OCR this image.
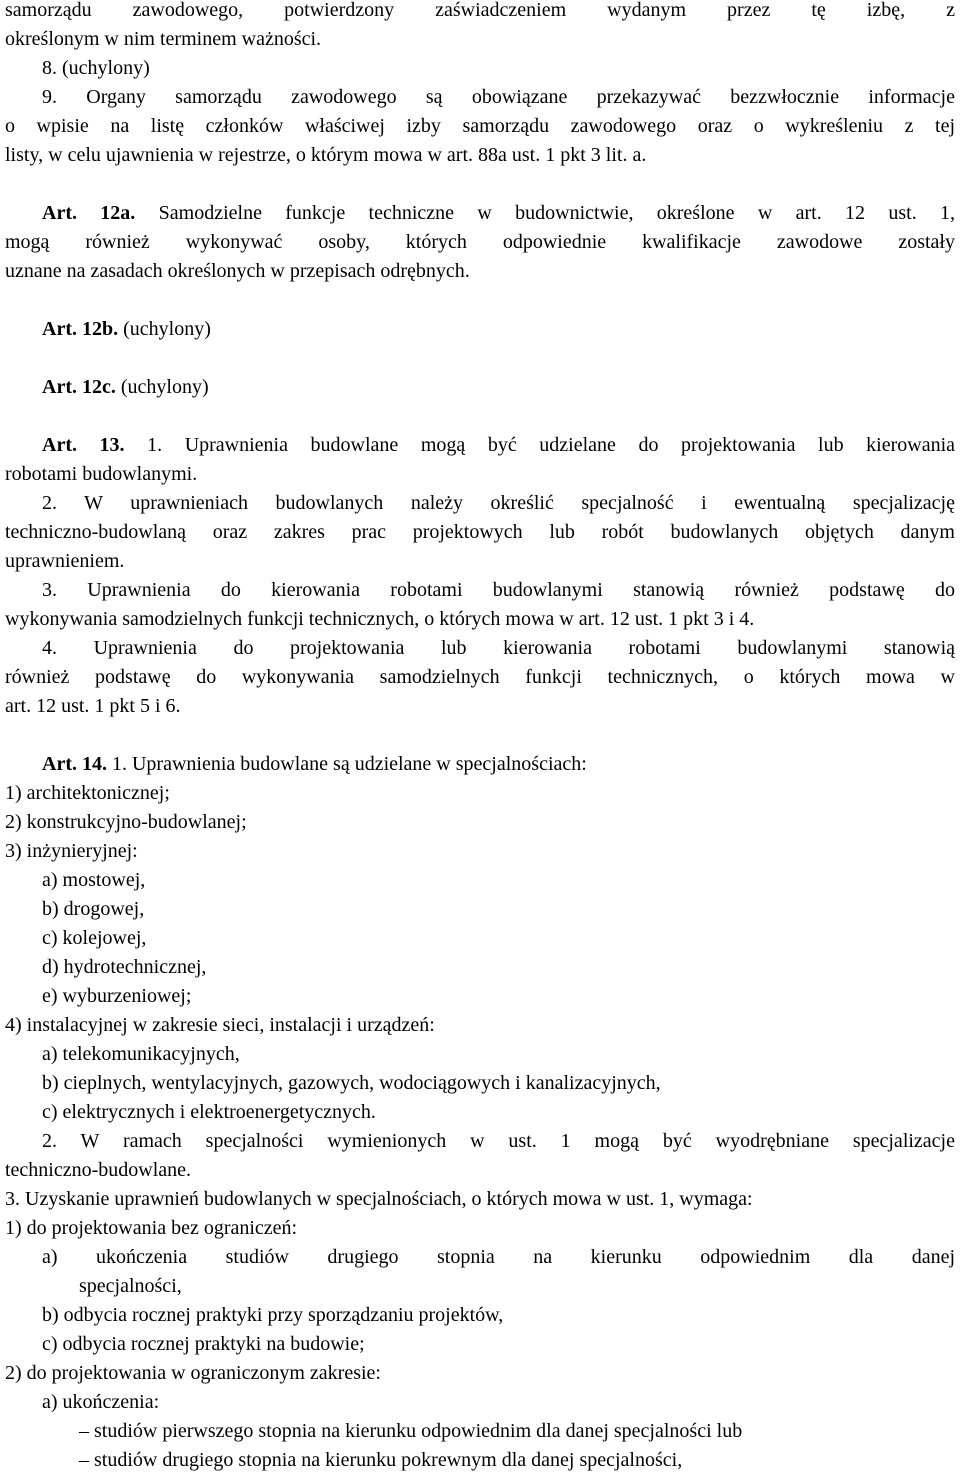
samorządu zawodowego, potwierdzony zaświadczeniem wydanym przez tę izbę, z
określonym w nim terminem ważności.
8. (uchylony)
9. Organy samorządu zawodowego są obowiązane przekazywać bezzwłocznie informacje
o wpisie na listę członków właściwej izby samorządu zawodowego oraz o wykreśleniu z tej
listy, w celu ujawnienia w rejestrze, o którym mowa w art. 88a ust. 1 pkt 3 lit. a.
Art. 12a. Samodzielne funkcje techniczne w budownictwie, określone w art. 12 ust. 1,
mogą również wykonywać osoby, których odpowiednie kwalifikacje zawodowe zostały
uznane na zasadach określonych w przepisach odrębnych.
Art. 12b. (uchylony)
Art. 12c. (uchylony)
Art. 13. 1. Uprawnienia budowlane mogą być udzielane do projektowania lub kierowania
robotami budowlanymi.
2. W uprawnieniach budowlanych należy określić specjalność i ewentualną specjalizację
techniczno-budowlaną oraz zakres prac projektowych lub robót budowlanych objętych danym
uprawnieniem.
3. Uprawnienia do kierowania robotami budowlanymi stanowią również podstawę do
wykonywania samodzielnych funkcji technicznych, o których mowa w art. 12 ust. 1 pkt 3 i 4.
4. Uprawnienia do projektowania lub kierowania robotami budowlanymi stanowią
również podstawę do wykonywania samodzielnych funkcji technicznych, o których mowa w
art. 12 ust. 1 pkt 5 i 6.
Art. 14. 1. Uprawnienia budowlane są udzielane w specjalnościach:
1) architektonicznej;
2) konstrukcyjno-budowlanej;
3) inżynieryjnej:
a) mostowej,
b) drogowej,
c) kolejowej,
d) hydrotechnicznej,
e) wyburzeniowej;
4) instalacyjnej w zakresie sieci, instalacji i urządzeń:
a) telekomunikacyjnych,
b) cieplnych, wentylacyjnych, gazowych, wodociągowych i kanalizacyjnych,
c) elektrycznych i elektroenergetycznych.
2. W ramach specjalności wymienionych w ust. 1 mogą być wyodrębniane specjalizacje
techniczno-budowlane.
3. Uzyskanie uprawnień budowlanych w specjalnościach, o których mowa w ust. 1, wymaga:
1) do projektowania bez ograniczeń:
a) ukończenia studiów drugiego stopnia na kierunku odpowiednim dla danej
specjalności,
b) odbycia rocznej praktyki przy sporządzaniu projektów,
c) odbycia rocznej praktyki na budowie;
2) do projektowania w ograniczonym zakresie:
a) ukończenia:
– studiów pierwszego stopnia na kierunku odpowiednim dla danej specjalności lub
– studiów drugiego stopnia na kierunku pokrewnym dla danej specjalności,
